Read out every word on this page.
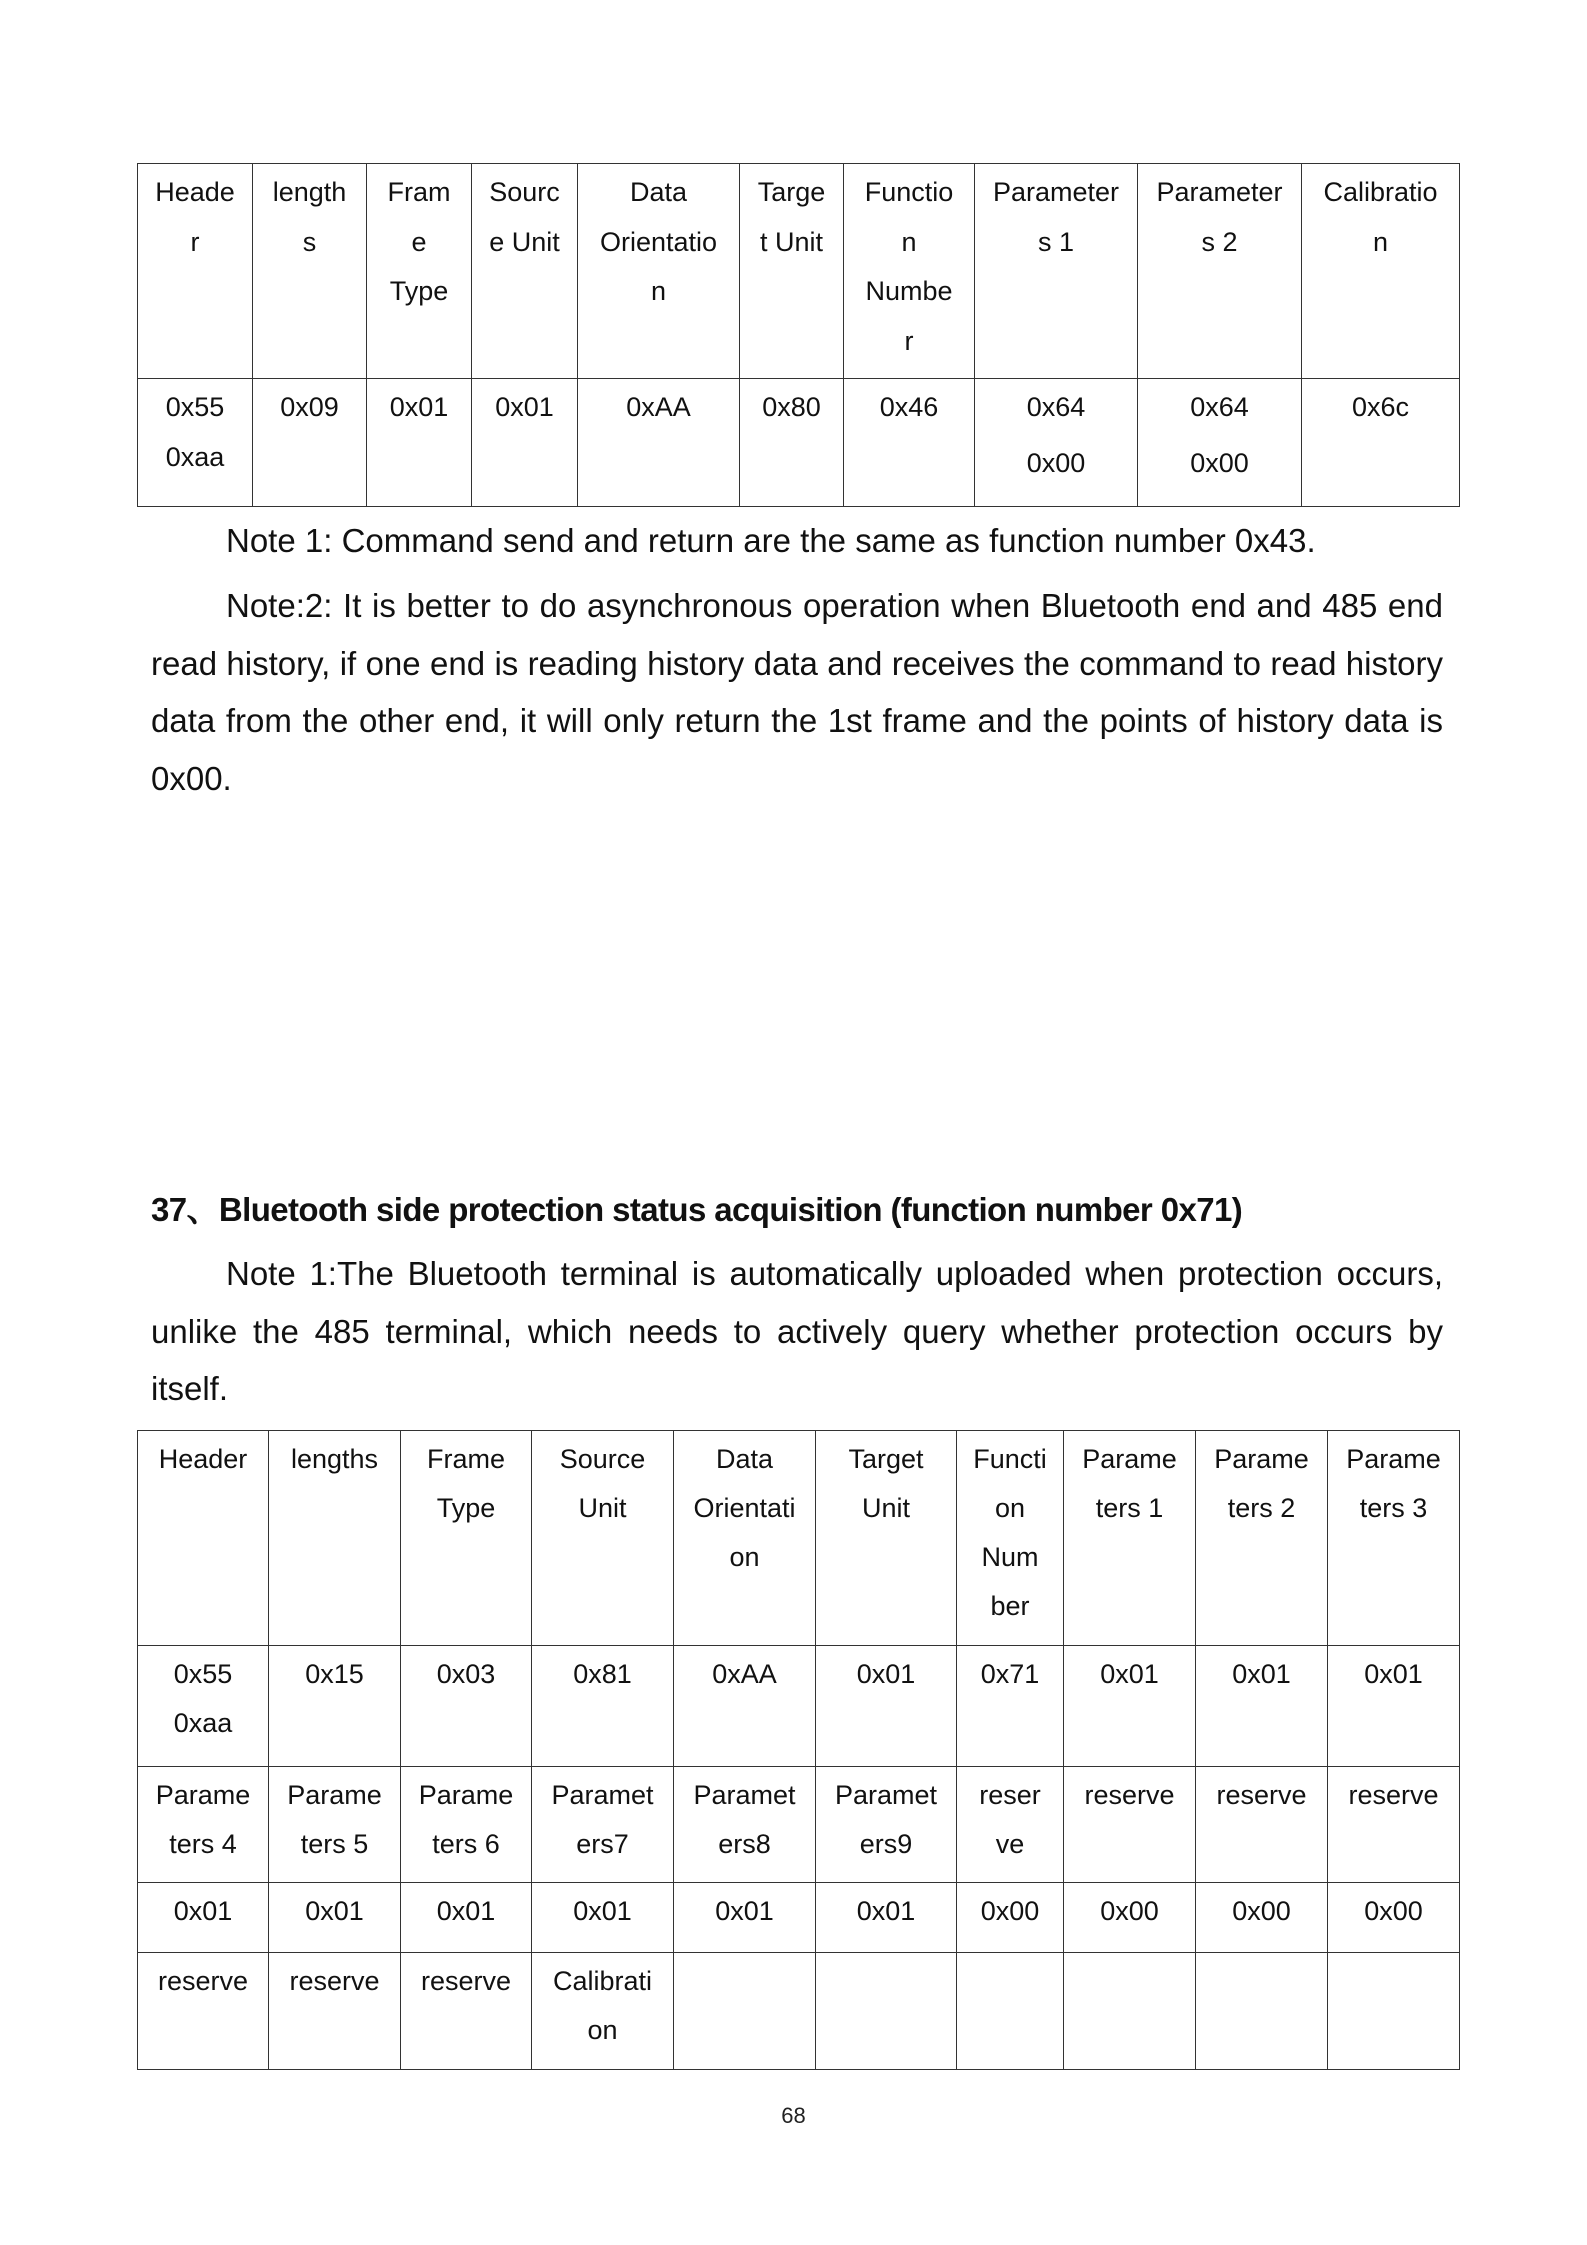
Heade
r	length
s	Fram
e
Type	Sourc
e Unit	Data
Orientatio
n	Targe
t Unit	Functio
n
Numbe
r	Parameter
s 1	Parameter
s 2	Calibratio
n
0x55
0xaa	0x09	0x01	0x01	0xAA	0x80	0x46	0x64
0x00	0x64
0x00	0x6c
Note 1: Command send and return are the same as function number 0x43.
Note:2: It is better to do asynchronous operation when Bluetooth end and 485 end read history, if one end is reading history data and receives the command to read history data from the other end, it will only return the 1st frame and the points of history data is 0x00.
37、Bluetooth side protection status acquisition (function number 0x71)
Note 1:The Bluetooth terminal is automatically uploaded when protection occurs, unlike the 485 terminal, which needs to actively query whether protection occurs by itself.
Header	lengths	Frame
Type	Source
Unit	Data
Orientati
on	Target
Unit	Functi
on
Num
ber	Parame
ters 1	Parame
ters 2	Parame
ters 3
0x55
0xaa	0x15	0x03	0x81	0xAA	0x01	0x71	0x01	0x01	0x01
Parame
ters 4	Parame
ters 5	Parame
ters 6	Paramet
ers7	Paramet
ers8	Paramet
ers9	reser
ve	reserve	reserve	reserve
0x01	0x01	0x01	0x01	0x01	0x01	0x00	0x00	0x00	0x00
reserve	reserve	reserve	Calibrati
on						
68
